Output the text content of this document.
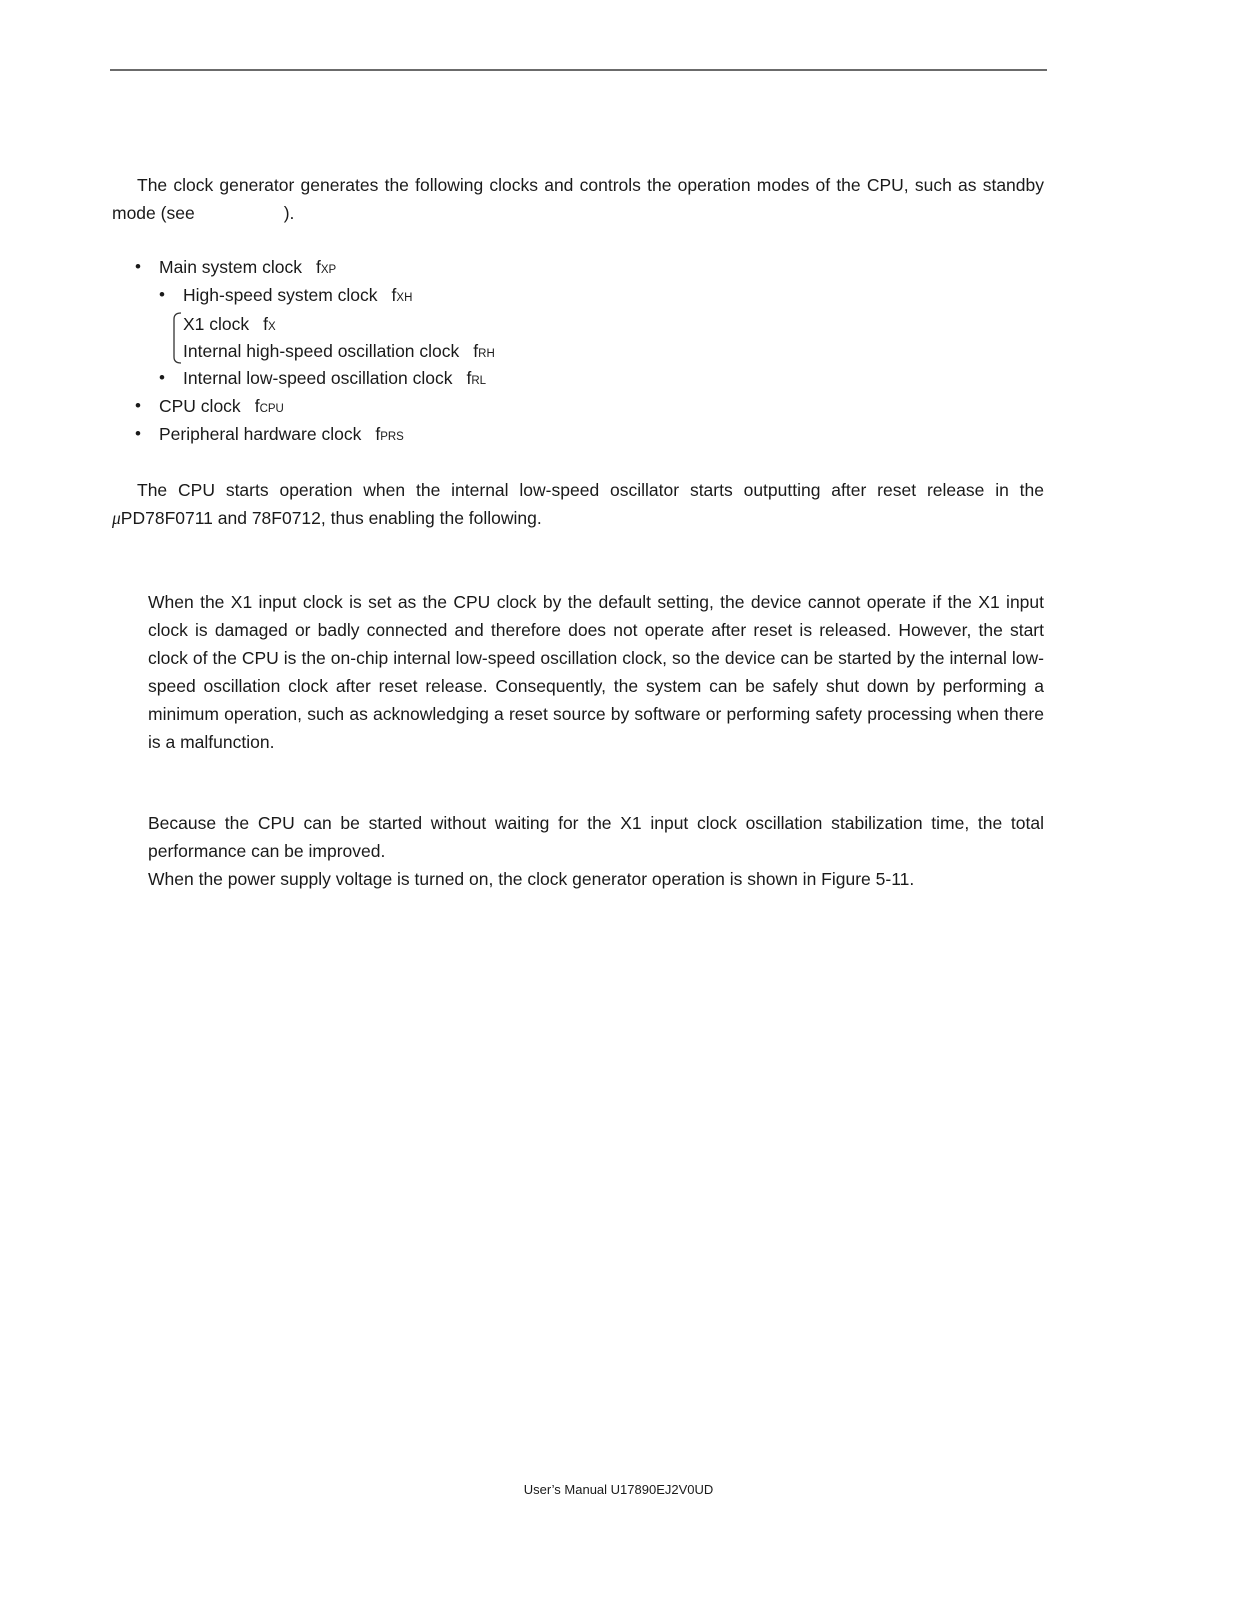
The clock generator generates the following clocks and controls the operation modes of the CPU, such as standby

mode (see	).

• Main system clock fXP
• High-speed system clock fXH
X1 clock fX
Internal high-speed oscillation clock fRH
• Internal low-speed oscillation clock fRL
• CPU clock fCPU
• Peripheral hardware clock fPRS

The CPU starts operation when the internal low-speed oscillator starts outputting after reset release in the

μPD78F0711 and 78F0712, thus enabling the following.

When the X1 input clock is set as the CPU clock by the default setting, the device cannot operate if the X1 input clock is damaged or badly connected and therefore does not operate after reset is released. However, the start clock of the CPU is the on-chip internal low-speed oscillation clock, so the device can be started by the internal low-speed oscillation clock after reset release. Consequently, the system can be safely shut down by performing a minimum operation, such as acknowledging a reset source by software or performing safety processing when there is a malfunction.

Because the CPU can be started without waiting for the X1 input clock oscillation stabilization time, the total performance can be improved.

When the power supply voltage is turned on, the clock generator operation is shown in Figure 5-11.

User’s Manual U17890EJ2V0UD
